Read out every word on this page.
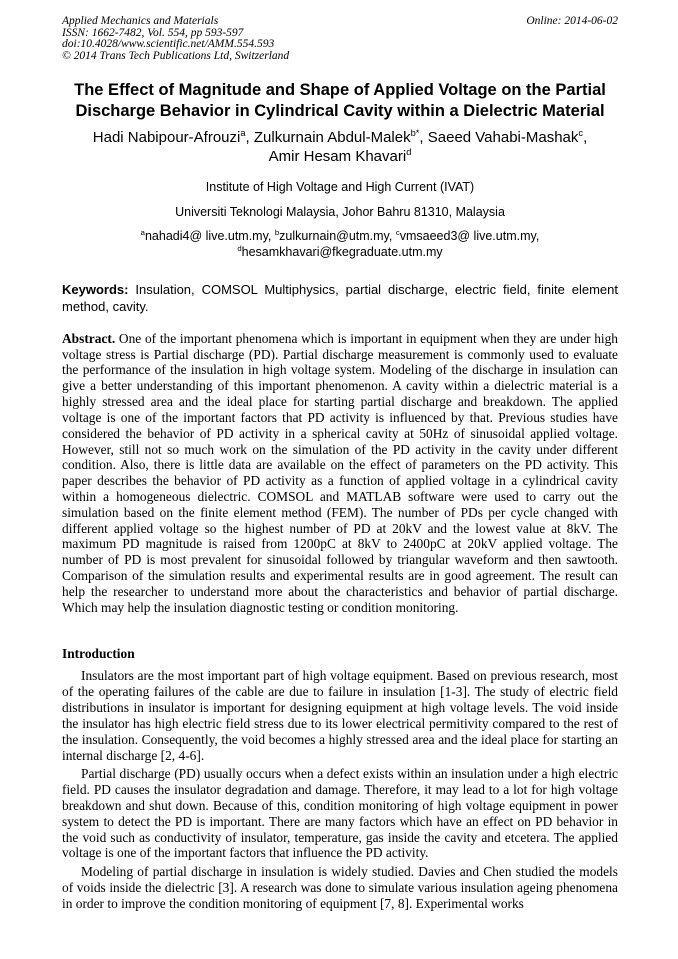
Applied Mechanics and Materials
ISSN: 1662-7482, Vol. 554, pp 593-597
doi:10.4028/www.scientific.net/AMM.554.593
© 2014 Trans Tech Publications Ltd, Switzerland
Online: 2014-06-02
The Effect of Magnitude and Shape of Applied Voltage on the Partial Discharge Behavior in Cylindrical Cavity within a Dielectric Material
Hadi Nabipour-Afrouzi$^a$, Zulkurnain Abdul-Malek$^{b*}$, Saeed Vahabi-Mashak$^c$,
Amir Hesam Khavari$^d$
Institute of High Voltage and High Current (IVAT)
Universiti Teknologi Malaysia, Johor Bahru 81310, Malaysia
$^a$nahadi4@ live.utm.my, $^b$zulkurnain@utm.my, $^c$vmsaeed3@ live.utm.my,
$^d$hesamkhavari@fkegraduate.utm.my
Keywords: Insulation, COMSOL Multiphysics, partial discharge, electric field, finite element method, cavity.
Abstract. One of the important phenomena which is important in equipment when they are under high voltage stress is Partial discharge (PD). Partial discharge measurement is commonly used to evaluate the performance of the insulation in high voltage system. Modeling of the discharge in insulation can give a better understanding of this important phenomenon. A cavity within a dielectric material is a highly stressed area and the ideal place for starting partial discharge and breakdown. The applied voltage is one of the important factors that PD activity is influenced by that. Previous studies have considered the behavior of PD activity in a spherical cavity at 50Hz of sinusoidal applied voltage. However, still not so much work on the simulation of the PD activity in the cavity under different condition. Also, there is little data are available on the effect of parameters on the PD activity. This paper describes the behavior of PD activity as a function of applied voltage in a cylindrical cavity within a homogeneous dielectric. COMSOL and MATLAB software were used to carry out the simulation based on the finite element method (FEM). The number of PDs per cycle changed with different applied voltage so the highest number of PD at 20kV and the lowest value at 8kV. The maximum PD magnitude is raised from 1200pC at 8kV to 2400pC at 20kV applied voltage. The number of PD is most prevalent for sinusoidal followed by triangular waveform and then sawtooth. Comparison of the simulation results and experimental results are in good agreement. The result can help the researcher to understand more about the characteristics and behavior of partial discharge. Which may help the insulation diagnostic testing or condition monitoring.
Introduction

Insulators are the most important part of high voltage equipment. Based on previous research, most of the operating failures of the cable are due to failure in insulation [1-3]. The study of electric field distributions in insulator is important for designing equipment at high voltage levels. The void inside the insulator has high electric field stress due to its lower electrical permitivity compared to the rest of the insulation. Consequently, the void becomes a highly stressed area and the ideal place for starting an internal discharge [2, 4-6].

Partial discharge (PD) usually occurs when a defect exists within an insulation under a high electric field. PD causes the insulator degradation and damage. Therefore, it may lead to a lot for high voltage breakdown and shut down. Because of this, condition monitoring of high voltage equipment in power system to detect the PD is important. There are many factors which have an effect on PD behavior in the void such as conductivity of insulator, temperature, gas inside the cavity and etcetera. The applied voltage is one of the important factors that influence the PD activity.

Modeling of partial discharge in insulation is widely studied. Davies and Chen studied the models of voids inside the dielectric [3]. A research was done to simulate various insulation ageing phenomena in order to improve the condition monitoring of equipment [7, 8]. Experimental works
